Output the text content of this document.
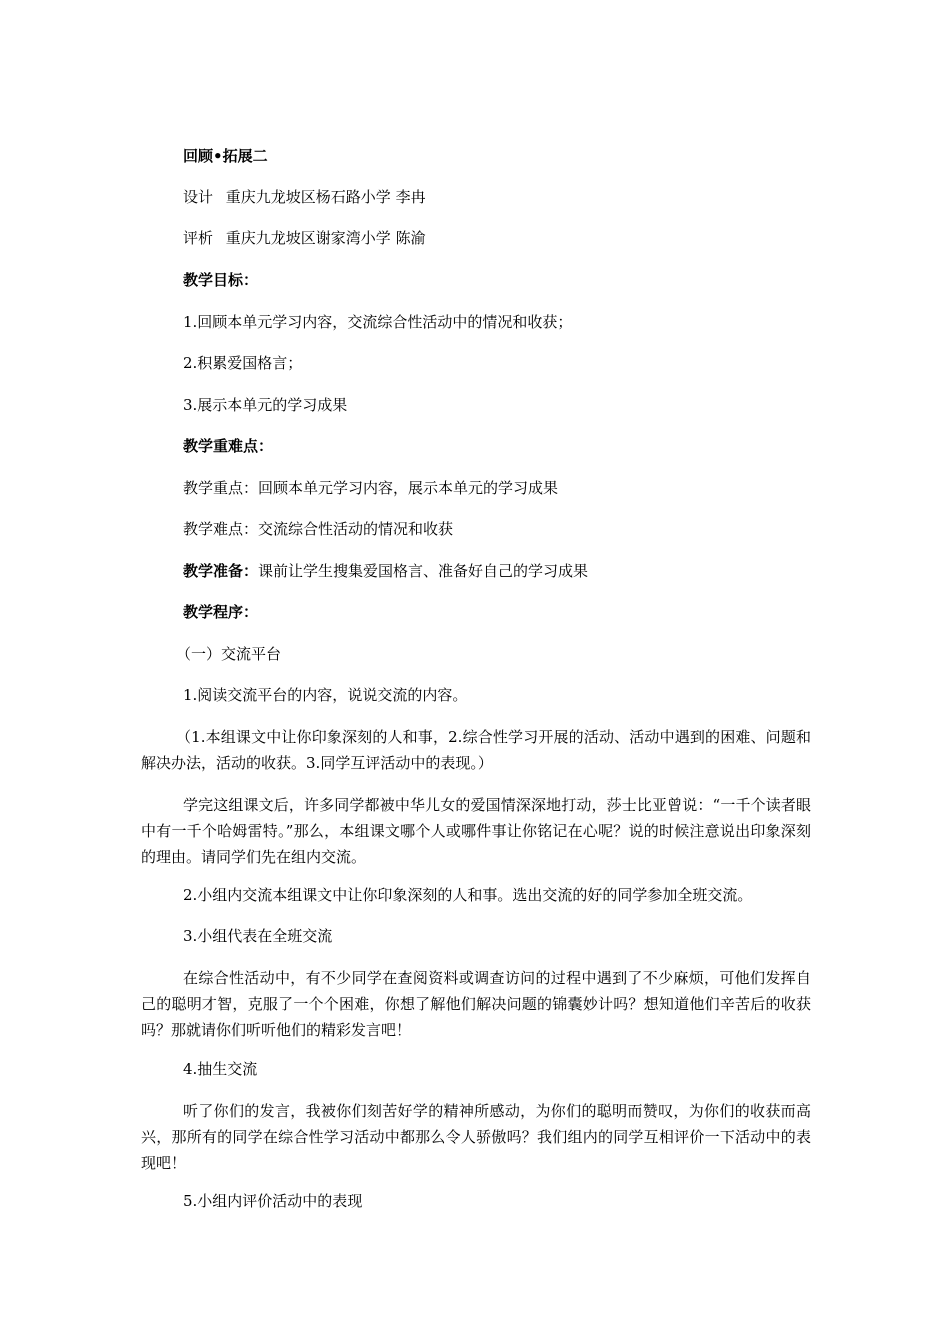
回顾•拓展二
设计 重庆九龙坡区杨石路小学 李冉
评析 重庆九龙坡区谢家湾小学 陈渝
教学目标：
1.回顾本单元学习内容，交流综合性活动中的情况和收获；
2.积累爱国格言；
3.展示本单元的学习成果
教学重难点：
教学重点：回顾本单元学习内容，展示本单元的学习成果
教学难点：交流综合性活动的情况和收获
教学准备：课前让学生搜集爱国格言、准备好自己的学习成果
教学程序：
（一）交流平台
1.阅读交流平台的内容，说说交流的内容。
（1.本组课文中让你印象深刻的人和事，2.综合性学习开展的活动、活动中遇到的困难、问题和解决办法，活动的收获。3.同学互评活动中的表现。）
学完这组课文后，许多同学都被中华儿女的爱国情深深地打动，莎士比亚曾说：“一千个读者眼中有一千个哈姆雷特。”那么，本组课文哪个人或哪件事让你铭记在心呢？说的时候注意说出印象深刻的理由。请同学们先在组内交流。
2.小组内交流本组课文中让你印象深刻的人和事。选出交流的好的同学参加全班交流。
3.小组代表在全班交流
在综合性活动中，有不少同学在查阅资料或调查访问的过程中遇到了不少麻烦，可他们发挥自己的聪明才智，克服了一个个困难，你想了解他们解决问题的锦囊妙计吗？想知道他们辛苦后的收获吗？那就请你们听听他们的精彩发言吧！
4.抽生交流
听了你们的发言，我被你们刻苦好学的精神所感动，为你们的聪明而赞叹，为你们的收获而高兴，那所有的同学在综合性学习活动中都那么令人骄傲吗？我们组内的同学互相评价一下活动中的表现吧！
5.小组内评价活动中的表现
